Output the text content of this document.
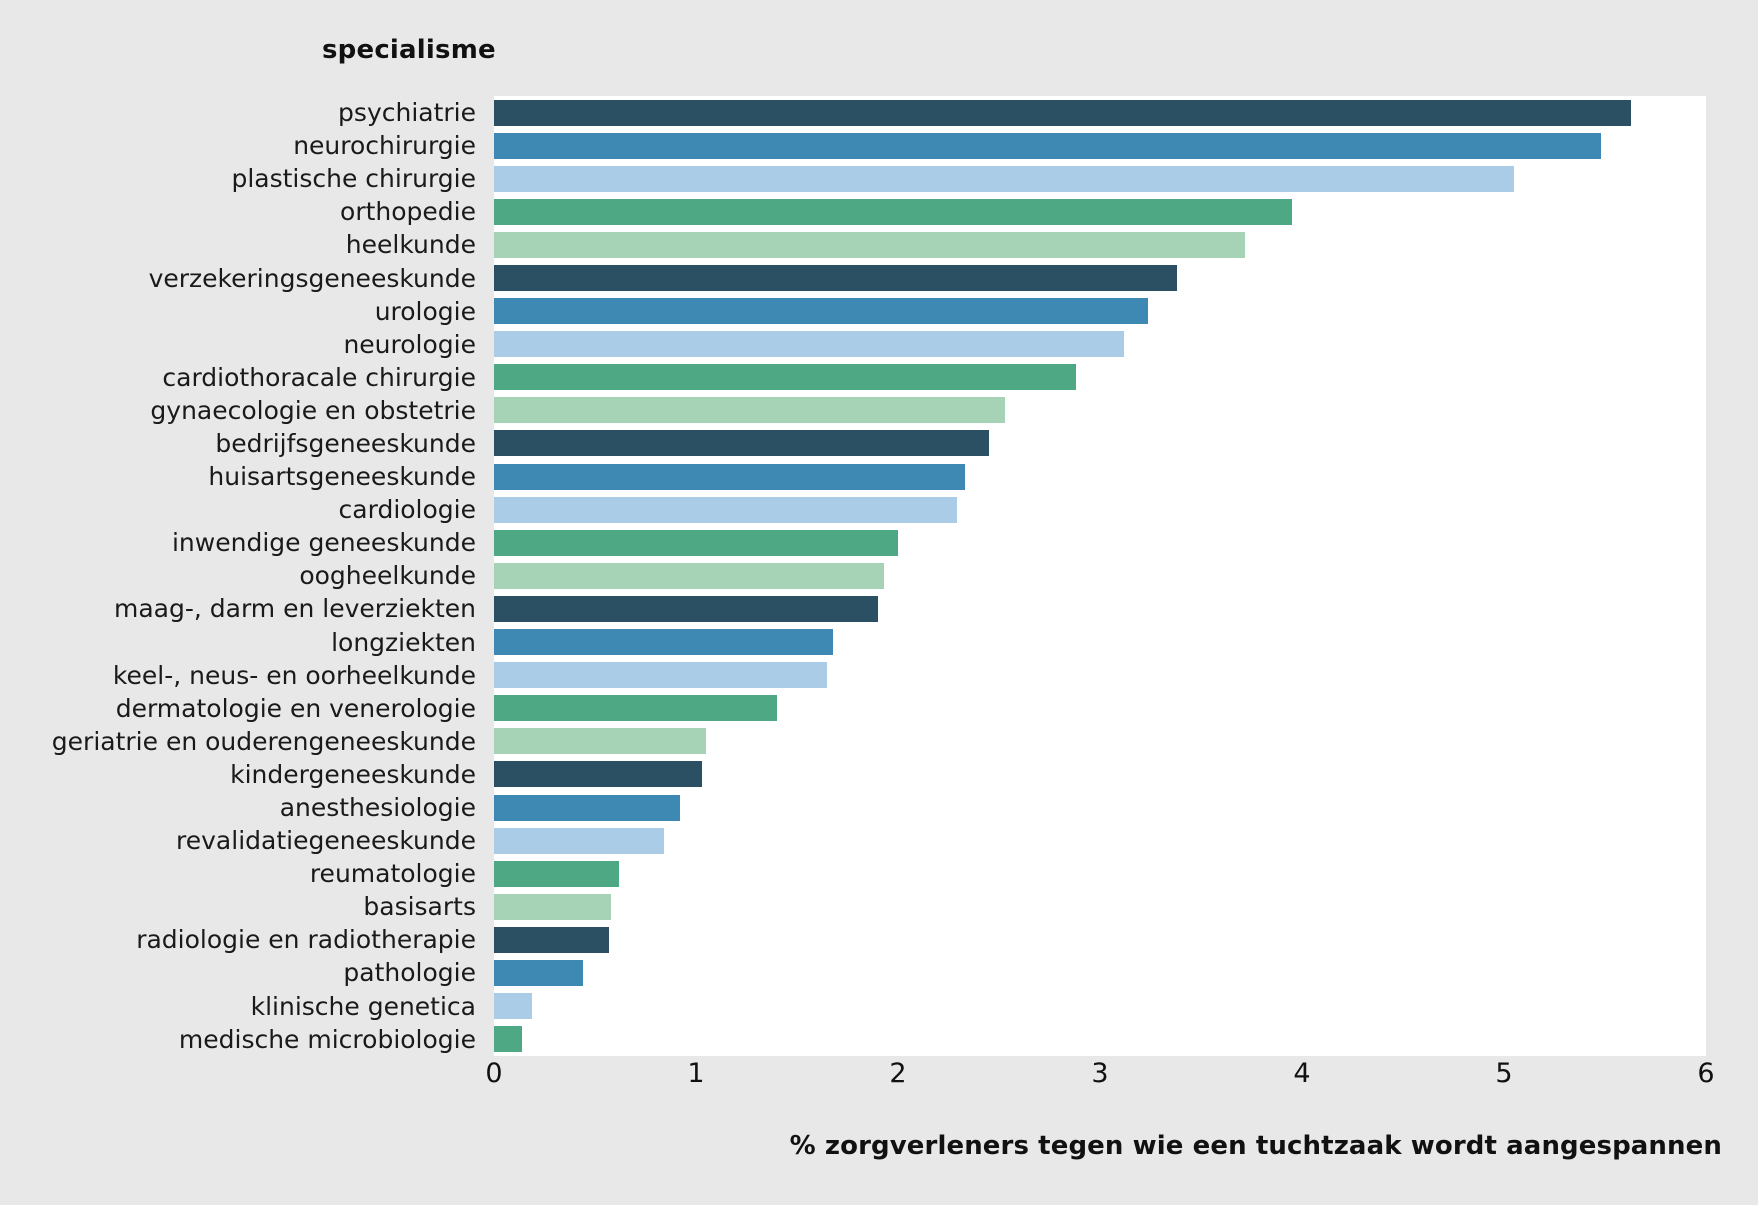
specialisme
psychiatrie
neurochirurgie
plastische chirurgie
orthopedie
heelkunde
verzekeringsgeneeskunde
urologie
neurologie
cardiothoracale chirurgie
gynaecologie en obstetrie
bedrijfsgeneeskunde
huisartsgeneeskunde
cardiologie
inwendige geneeskunde
oogheelkunde
maag-, darm en leverziekten
longziekten
keel-, neus- en oorheelkunde
dermatologie en venerologie
geriatrie en ouderengeneeskunde
kindergeneeskunde
anesthesiologie
revalidatiegeneeskunde
reumatologie
basisarts
radiologie en radiotherapie
pathologie
klinische genetica
medische microbiologie
0	1	2	3	4	5	6
% zorgverleners tegen wie een tuchtzaak wordt aangespannen
